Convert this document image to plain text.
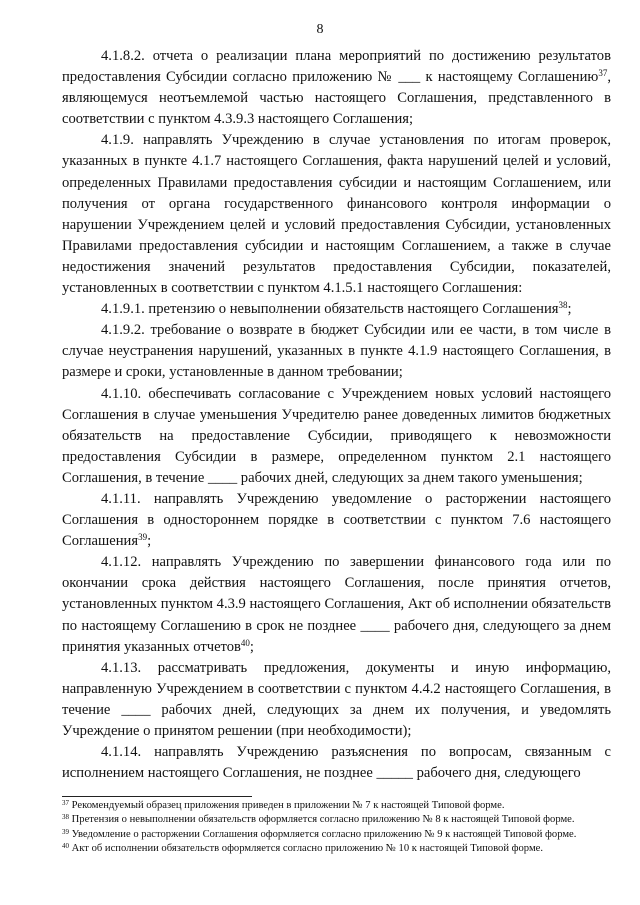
8

4.1.8.2. отчета о реализации плана мероприятий по достижению результатов предоставления Субсидии согласно приложению № ___ к настоящему Соглашению$^{37}$, являющемуся неотъемлемой частью настоящего Соглашения, представленного в соответствии с пунктом 4.3.9.3 настоящего Соглашения;

4.1.9. направлять Учреждению в случае установления по итогам проверок, указанных в пункте 4.1.7 настоящего Соглашения, факта нарушений целей и условий, определенных Правилами предоставления субсидии и настоящим Соглашением, или получения от органа государственного финансового контроля информации о нарушении Учреждением целей и условий предоставления Субсидии, установленных Правилами предоставления субсидии и настоящим Соглашением, а также в случае недостижения значений результатов предоставления Субсидии, показателей, установленных в соответствии с пунктом 4.1.5.1 настоящего Соглашения:

4.1.9.1. претензию о невыполнении обязательств настоящего Соглашения$^{38}$;

4.1.9.2. требование о возврате в бюджет Субсидии или ее части, в том числе в случае неустранения нарушений, указанных в пункте 4.1.9 настоящего Соглашения, в размере и сроки, установленные в данном требовании;

4.1.10. обеспечивать согласование с Учреждением новых условий настоящего Соглашения в случае уменьшения Учредителю ранее доведенных лимитов бюджетных обязательств на предоставление Субсидии, приводящего к невозможности предоставления Субсидии в размере, определенном пунктом 2.1 настоящего Соглашения, в течение ____ рабочих дней, следующих за днем такого уменьшения;

4.1.11. направлять Учреждению уведомление о расторжении настоящего Соглашения в одностороннем порядке в соответствии с пунктом 7.6 настоящего Соглашения$^{39}$;

4.1.12. направлять Учреждению по завершении финансового года или по окончании срока действия настоящего Соглашения, после принятия отчетов, установленных пунктом 4.3.9 настоящего Соглашения, Акт об исполнении обязательств по настоящему Соглашению в срок не позднее ____ рабочего дня, следующего за днем принятия указанных отчетов$^{40}$;

4.1.13. рассматривать предложения, документы и иную информацию, направленную Учреждением в соответствии с пунктом 4.4.2 настоящего Соглашения, в течение ____ рабочих дней, следующих за днем их получения, и уведомлять Учреждение о принятом решении (при необходимости);

4.1.14. направлять Учреждению разъяснения по вопросам, связанным с исполнением настоящего Соглашения, не позднее _____ рабочего дня, следующего

$^{37}$ Рекомендуемый образец приложения приведен в приложении № 7 к настоящей Типовой форме.
$^{38}$ Претензия о невыполнении обязательств оформляется согласно приложению № 8 к настоящей Типовой форме.
$^{39}$ Уведомление о расторжении Соглашения оформляется согласно приложению № 9 к настоящей Типовой форме.
$^{40}$ Акт об исполнении обязательств оформляется согласно приложению № 10 к настоящей Типовой форме.
